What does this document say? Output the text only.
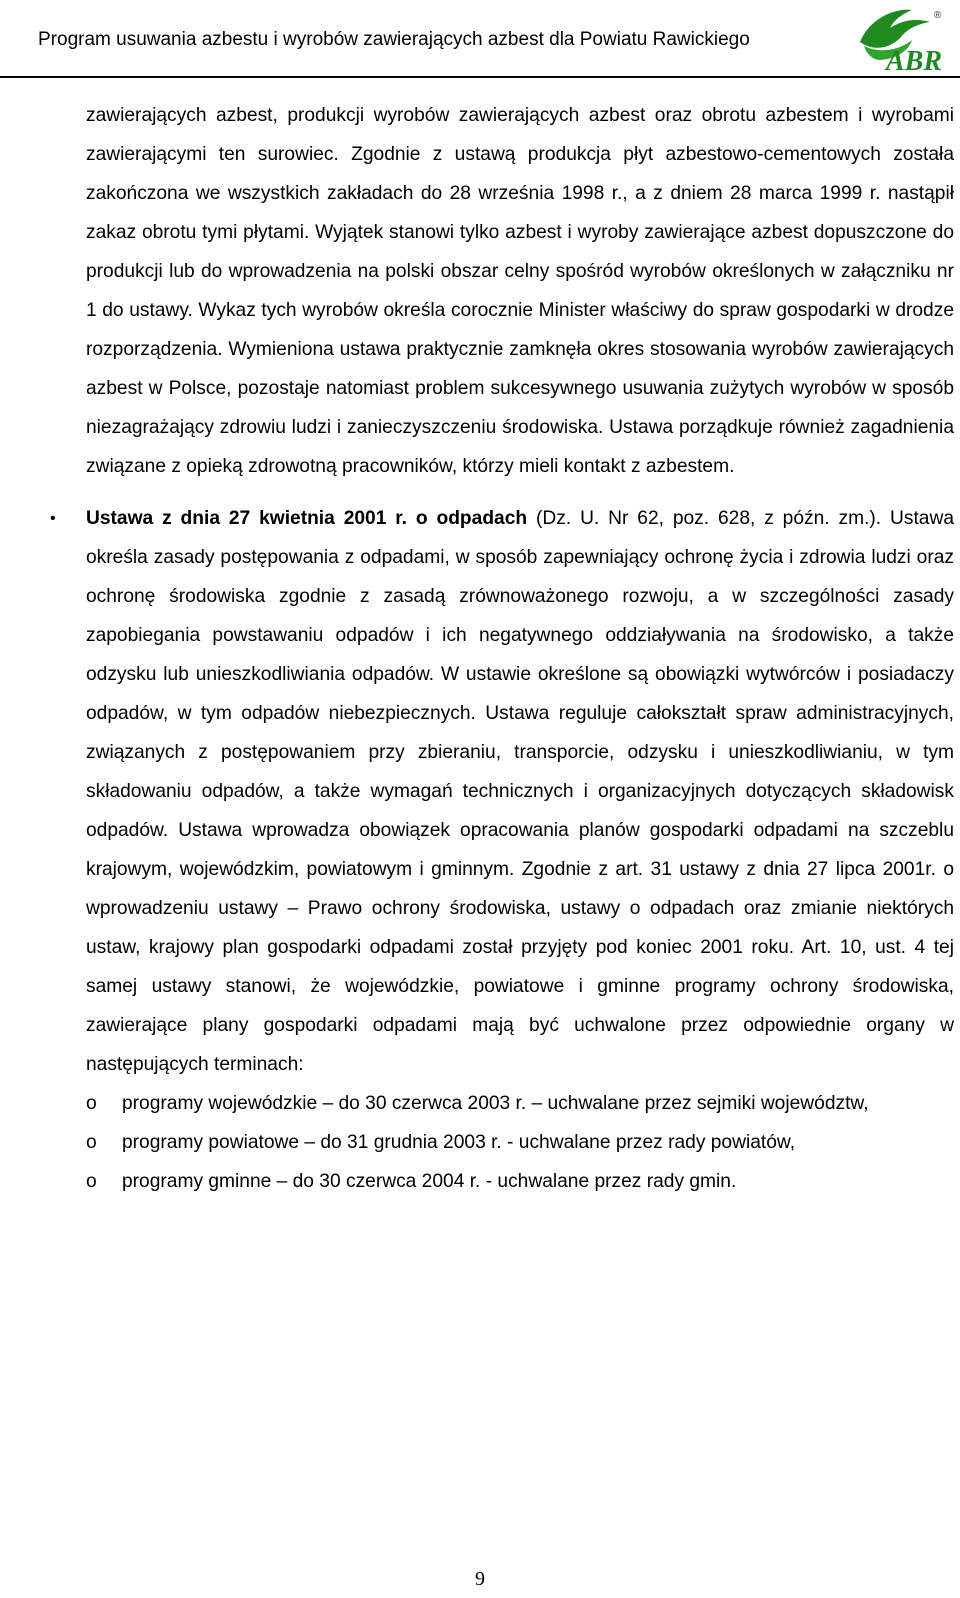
Program usuwania azbestu i wyrobów zawierających azbest dla Powiatu Rawickiego
ABR
®

zawierających azbest, produkcji wyrobów zawierających azbest oraz obrotu azbestem i wyrobami zawierającymi ten surowiec. Zgodnie z ustawą produkcja płyt azbestowo-cementowych została zakończona we wszystkich zakładach do 28 września 1998 r., a z dniem 28 marca 1999 r. nastąpił zakaz obrotu tymi płytami. Wyjątek stanowi tylko azbest i wyroby zawierające azbest dopuszczone do produkcji lub do wprowadzenia na polski obszar celny spośród wyrobów określonych w załączniku nr 1 do ustawy. Wykaz tych wyrobów określa corocznie Minister właściwy do spraw gospodarki w drodze rozporządzenia. Wymieniona ustawa praktycznie zamknęła okres stosowania wyrobów zawierających azbest w Polsce, pozostaje natomiast problem sukcesywnego usuwania zużytych wyrobów w sposób niezagrażający zdrowiu ludzi i zanieczyszczeniu środowiska. Ustawa porządkuje również zagadnienia związane z opieką zdrowotną pracowników, którzy mieli kontakt z azbestem.

• Ustawa z dnia 27 kwietnia 2001 r. o odpadach (Dz. U. Nr 62, poz. 628, z późn. zm.). Ustawa określa zasady postępowania z odpadami, w sposób zapewniający ochronę życia i zdrowia ludzi oraz ochronę środowiska zgodnie z zasadą zrównoważonego rozwoju, a w szczególności zasady zapobiegania powstawaniu odpadów i ich negatywnego oddziaływania na środowisko, a także odzysku lub unieszkodliwiania odpadów. W ustawie określone są obowiązki wytwórców i posiadaczy odpadów, w tym odpadów niebezpiecznych. Ustawa reguluje całokształt spraw administracyjnych, związanych z postępowaniem przy zbieraniu, transporcie, odzysku i unieszkodliwianiu, w tym składowaniu odpadów, a także wymagań technicznych i organizacyjnych dotyczących składowisk odpadów. Ustawa wprowadza obowiązek opracowania planów gospodarki odpadami na szczeblu krajowym, wojewódzkim, powiatowym i gminnym. Zgodnie z art. 31 ustawy z dnia 27 lipca 2001r. o wprowadzeniu ustawy – Prawo ochrony środowiska, ustawy o odpadach oraz zmianie niektórych ustaw, krajowy plan gospodarki odpadami został przyjęty pod koniec 2001 roku. Art. 10, ust. 4 tej samej ustawy stanowi, że wojewódzkie, powiatowe i gminne programy ochrony środowiska, zawierające plany gospodarki odpadami mają być uchwalone przez odpowiednie organy w następujących terminach:
o programy wojewódzkie – do 30 czerwca 2003 r. – uchwalane przez sejmiki województw,
o programy powiatowe – do 31 grudnia 2003 r. - uchwalane przez rady powiatów,
o programy gminne – do 30 czerwca 2004 r. - uchwalane przez rady gmin.
9
